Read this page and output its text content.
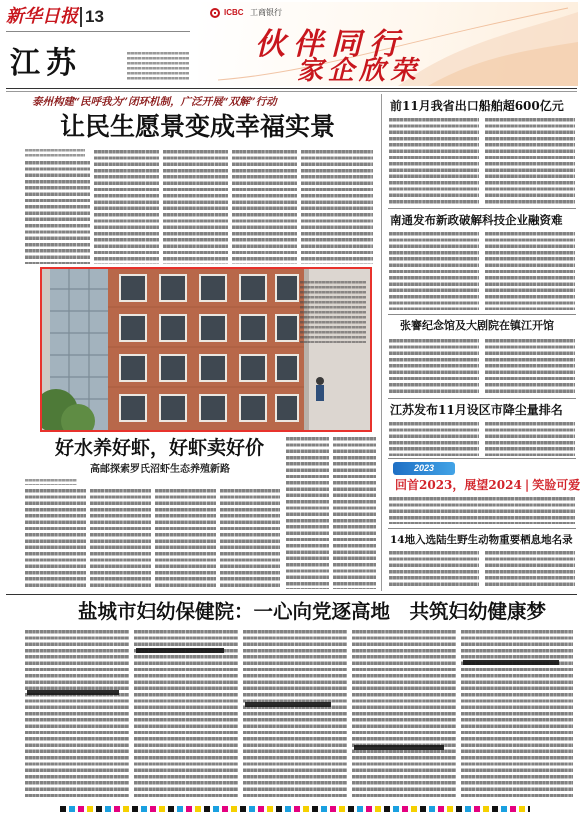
新华日报 13
江苏
ICBC 工商银行
伙伴同行
家企欣荣
泰州构建“民呼我为”闭环机制，广泛开展“双解”行动
让民生愿景变成幸福实景
好水养好虾，好虾卖好价
高邮探索罗氏沼虾生态养殖新路
前11月我省出口船舶超600亿元
南通发布新政破解科技企业融资难
张謇纪念馆及大剧院在镇江开馆
江苏发布11月设区市降尘量排名
2023
回首2023，展望2024 | 笑脸可爱
14地入选陆生野生动物重要栖息地名录
盐城市妇幼保健院：一心向党逐高地　共筑妇幼健康梦
